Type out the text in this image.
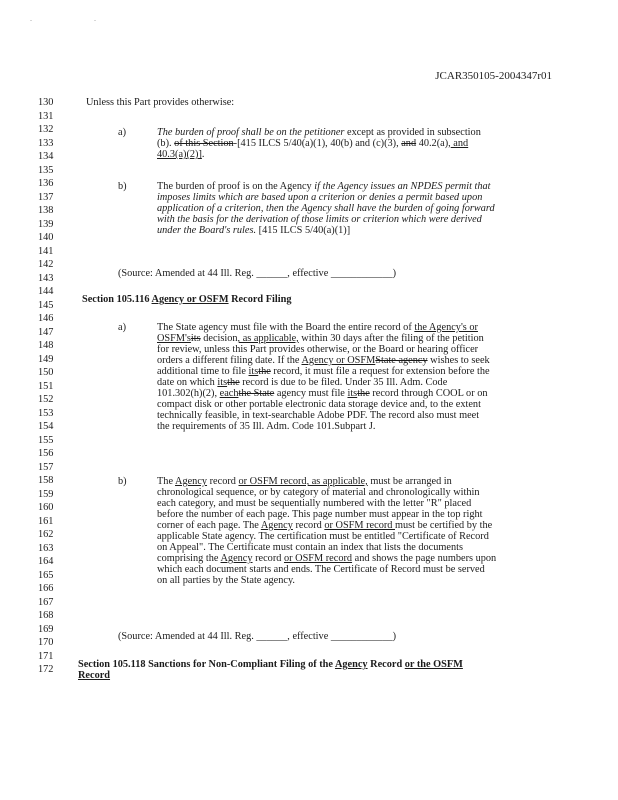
. .
JCAR350105-2004347r01
130
131
132
133
134
135
136
137
138
139
140
141
142
143
144
145
146
147
148
149
150
151
152
153
154
155
156
157
158
159
160
161
162
163
164
165
166
167
168
169
170
171
172
Unless this Part provides otherwise:
a)	The burden of proof shall be on the petitioner except as provided in subsection
(b). of this Section-[415 ILCS 5/40(a)(1), 40(b) and (c)(3), and 40.2(a), and
40.3(a)(2)].
b)	The burden of proof is on the Agency if the Agency issues an NPDES permit that
imposes limits which are based upon a criterion or denies a permit based upon
application of a criterion, then the Agency shall have the burden of going forward
with the basis for the derivation of those limits or criterion which were derived
under the Board's rules. [415 ILCS 5/40(a)(1)]
(Source: Amended at 44 Ill. Reg. ______, effective ____________)
Section 105.116 Agency or OSFM Record Filing
a)	The State agency must file with the Board the entire record of the Agency's or
OSFM'sits decision, as applicable, within 30 days after the filing of the petition
for review, unless this Part provides otherwise, or the Board or hearing officer
orders a different filing date. If the Agency or OSFMState agency wishes to seek
additional time to file itsthe record, it must file a request for extension before the
date on which itsthe record is due to be filed. Under 35 Ill. Adm. Code
101.302(h)(2), eachthe State agency must file itsthe record through COOL or on
compact disk or other portable electronic data storage device and, to the extent
technically feasible, in text-searchable Adobe PDF. The record also must meet
the requirements of 35 Ill. Adm. Code 101.Subpart J.
b)	The Agency record or OSFM record, as applicable, must be arranged in
chronological sequence, or by category of material and chronologically within
each category, and must be sequentially numbered with the letter "R" placed
before the number of each page. This page number must appear in the top right
corner of each page. The Agency record or OSFM record must be certified by the
applicable State agency. The certification must be entitled "Certificate of Record
on Appeal". The Certificate must contain an index that lists the documents
comprising the Agency record or OSFM record and shows the page numbers upon
which each document starts and ends. The Certificate of Record must be served
on all parties by the State agency.
(Source: Amended at 44 Ill. Reg. ______, effective ____________)
Section 105.118 Sanctions for Non-Compliant Filing of the Agency Record or the OSFM
Record
